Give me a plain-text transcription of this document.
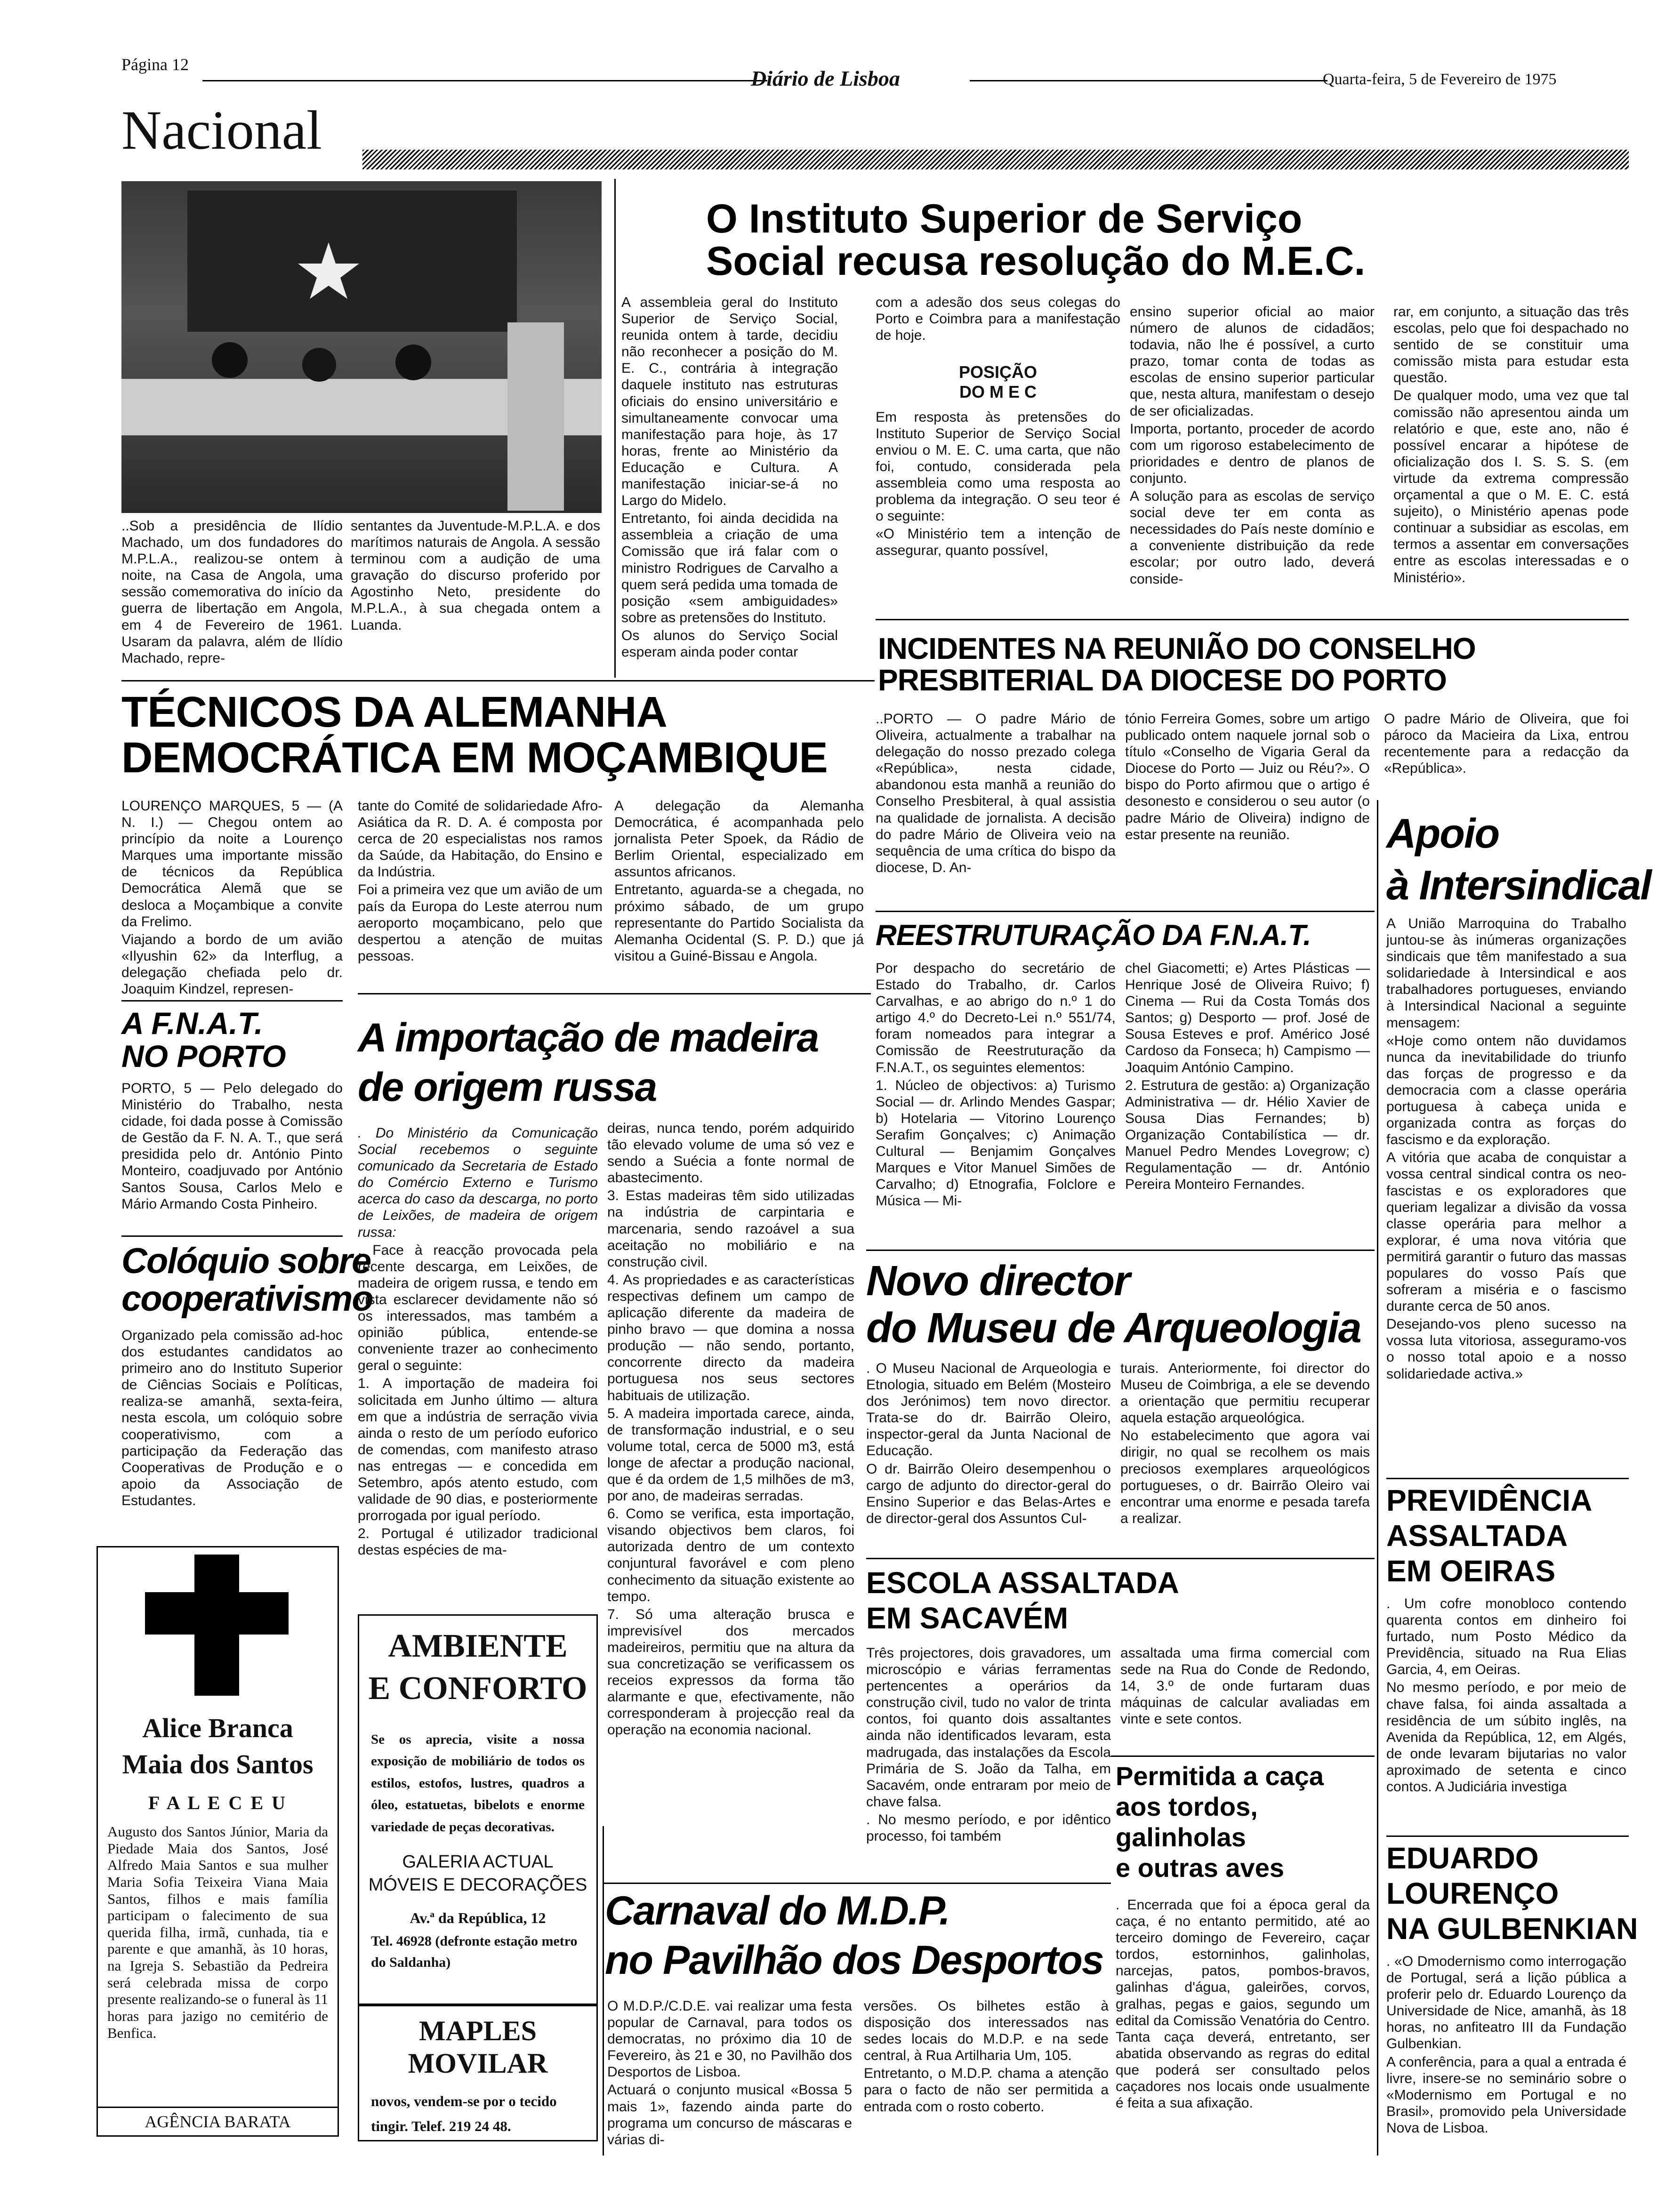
Página 12
Diário de Lisboa	Quarta-feira, 5 de Fevereiro de 1975
Nacional
..Sob a presidência de Ilídio Machado, um dos fundadores do M.P.L.A., realizou-se ontem à noite, na Casa de Angola, uma sessão comemorativa do início da guerra de libertação em Angola, em 4 de Fevereiro de 1961. Usaram da palavra, além de Ilídio Machado, repre-
sentantes da Juventude-M.P.L.A. e dos marítimos naturais de Angola. A sessão terminou com a audição de uma gravação do discurso proferido por Agostinho Neto, presidente do M.P.L.A., à sua chegada ontem a Luanda.
O Instituto Superior de Serviço Social recusa resolução do M.E.C.

A assembleia geral do Instituto Superior de Serviço Social, reunida ontem à tarde, decidiu não reconhecer a posição do M. E. C., contrária à integração daquele instituto nas estruturas oficiais do ensino universitário e simultaneamente convocar uma manifestação para hoje, às 17 horas, frente ao Ministério da Educação e Cultura. A manifestação iniciar-se-á no Largo do Midelo.

Entretanto, foi ainda decidida na assembleia a criação de uma Comissão que irá falar com o ministro Rodrigues de Carvalho a quem será pedida uma tomada de posição «sem ambiguidades» sobre as pretensões do Instituto.

Os alunos do Serviço Social esperam ainda poder contar

com a adesão dos seus colegas do Porto e Coimbra para a manifestação de hoje.

POSIÇÃO
DO M E C

Em resposta às pretensões do Instituto Superior de Serviço Social enviou o M. E. C. uma carta, que não foi, contudo, considerada pela assembleia como uma resposta ao problema da integração. O seu teor é o seguinte:

«O Ministério tem a intenção de assegurar, quanto possível,

ensino superior oficial ao maior número de alunos de cidadãos; todavia, não lhe é possível, a curto prazo, tomar conta de todas as escolas de ensino superior particular que, nesta altura, manifestam o desejo de ser oficializadas.

Importa, portanto, proceder de acordo com um rigoroso estabelecimento de prioridades e dentro de planos de conjunto.

A solução para as escolas de serviço social deve ter em conta as necessidades do País neste domínio e a conveniente distribuição da rede escolar; por outro lado, deverá conside-

rar, em conjunto, a situação das três escolas, pelo que foi despachado no sentido de se constituir uma comissão mista para estudar esta questão.

De qualquer modo, uma vez que tal comissão não apresentou ainda um relatório e que, este ano, não é possível encarar a hipótese de oficialização dos I. S. S. S. (em virtude da extrema compressão orçamental a que o M. E. C. está sujeito), o Ministério apenas pode continuar a subsidiar as escolas, em termos a assentar em conversações entre as escolas interessadas e o Ministério».

INCIDENTES NA REUNIÃO DO CONSELHO PRESBITERIAL DA DIOCESE DO PORTO
..PORTO — O padre Mário de Oliveira, actualmente a trabalhar na delegação do nosso prezado colega «República», nesta cidade, abandonou esta manhã a reunião do Conselho Presbiteral, à qual assistia na qualidade de jornalista. A decisão do padre Mário de Oliveira veio na sequência de uma crítica do bispo da diocese, D. An-
tónio Ferreira Gomes, sobre um artigo publicado ontem naquele jornal sob o título «Conselho de Vigaria Geral da Diocese do Porto — Juiz ou Réu?». O bispo do Porto afirmou que o artigo é desonesto e considerou o seu autor (o padre Mário de Oliveira) indigno de estar presente na reunião.
O padre Mário de Oliveira, que foi pároco da Macieira da Lixa, entrou recentemente para a redacção da «República».
TÉCNICOS DA ALEMANHA DEMOCRÁTICA EM MOÇAMBIQUE

LOURENÇO MARQUES, 5 — (A N. I.) — Chegou ontem ao princípio da noite a Lourenço Marques uma importante missão de técnicos da República Democrática Alemã que se desloca a Moçambique a convite da Frelimo.

Viajando a bordo de um avião «Ilyushin 62» da Interflug, a delegação chefiada pelo dr. Joaquim Kindzel, represen-

tante do Comité de solidariedade Afro-Asiática da R. D. A. é composta por cerca de 20 especialistas nos ramos da Saúde, da Habitação, do Ensino e da Indústria.

Foi a primeira vez que um avião de um país da Europa do Leste aterrou num aeroporto moçambicano, pelo que despertou a atenção de muitas pessoas.

A delegação da Alemanha Democrática, é acompanhada pelo jornalista Peter Spoek, da Rádio de Berlim Oriental, especializado em assuntos africanos.

Entretanto, aguarda-se a chegada, no próximo sábado, de um grupo representante do Partido Socialista da Alemanha Ocidental (S. P. D.) que já visitou a Guiné-Bissau e Angola.

A F.N.A.T.
NO PORTO
PORTO, 5 — Pelo delegado do Ministério do Trabalho, nesta cidade, foi dada posse à Comissão de Gestão da F. N. A. T., que será presidida pelo dr. António Pinto Monteiro, coadjuvado por António Santos Sousa, Carlos Melo e Mário Armando Costa Pinheiro.
Colóquio sobre
cooperativismo
Organizado pela comissão ad-hoc dos estudantes candidatos ao primeiro ano do Instituto Superior de Ciências Sociais e Políticas, realiza-se amanhã, sexta-feira, nesta escola, um colóquio sobre cooperativismo, com a participação da Federação das Cooperativas de Produção e o apoio da Associação de Estudantes.
Alice Branca
Maia dos Santos
F A L E C E U
Augusto dos Santos Júnior, Maria da Piedade Maia dos Santos, José Alfredo Maia Santos e sua mulher Maria Sofia Teixeira Viana Maia Santos, filhos e mais família participam o falecimento de sua querida filha, irmã, cunhada, tia e parente e que amanhã, às 10 horas, na Igreja S. Sebastião da Pedreira será celebrada missa de corpo presente realizando-se o funeral às 11 horas para jazigo no cemitério de Benfica.
AGÊNCIA BARATA
A importação de madeira
de origem russa

. Do Ministério da Comunicação Social recebemos o seguinte comunicado da Secretaria de Estado do Comércio Externo e Turismo acerca do caso da descarga, no porto de Leixões, de madeira de origem russa:

. Face à reacção provocada pela recente descarga, em Leixões, de madeira de origem russa, e tendo em vista esclarecer devidamente não só os interessados, mas também a opinião pública, entende-se conveniente trazer ao conhecimento geral o seguinte:

1. A importação de madeira foi solicitada em Junho último — altura em que a indústria de serração vivia ainda o resto de um período euforico de comendas, com manifesto atraso nas entregas — e concedida em Setembro, após atento estudo, com validade de 90 dias, e posteriormente prorrogada por igual período.

2. Portugal é utilizador tradicional destas espécies de ma-

deiras, nunca tendo, porém adquirido tão elevado volume de uma só vez e sendo a Suécia a fonte normal de abastecimento.

3. Estas madeiras têm sido utilizadas na indústria de carpintaria e marcenaria, sendo razoável a sua aceitação no mobiliário e na construção civil.

4. As propriedades e as características respectivas definem um campo de aplicação diferente da madeira de pinho bravo — que domina a nossa produção — não sendo, portanto, concorrente directo da madeira portuguesa nos seus sectores habituais de utilização.

5. A madeira importada carece, ainda, de transformação industrial, e o seu volume total, cerca de 5000 m3, está longe de afectar a produção nacional, que é da ordem de 1,5 milhões de m3, por ano, de madeiras serradas.

6. Como se verifica, esta importação, visando objectivos bem claros, foi autorizada dentro de um contexto conjuntural favorável e com pleno conhecimento da situação existente ao tempo.

7. Só uma alteração brusca e imprevisível dos mercados madeireiros, permitiu que na altura da sua concretização se verificassem os receios expressos da forma tão alarmante e que, efectivamente, não corresponderam à projecção real da operação na economia nacional.

AMBIENTE
E CONFORTO
Se os aprecia, visite a nossa exposição de mobiliário de todos os estilos, estofos, lustres, quadros a óleo, estatuetas, bibelots e enorme variedade de peças decorativas.
GALERIA ACTUAL
MÓVEIS E DECORAÇÕES
Av.ª da República, 12
Tel. 46928 (defronte estação metro do Saldanha)
MAPLES MOVILAR
novos, vendem-se por o tecido tingir. Telef. 219 24 48.
REESTRUTURAÇÃO DA F.N.A.T.

Por despacho do secretário de Estado do Trabalho, dr. Carlos Carvalhas, e ao abrigo do n.º 1 do artigo 4.º do Decreto-Lei n.º 551/74, foram nomeados para integrar a Comissão de Reestruturação da F.N.A.T., os seguintes elementos:

1. Núcleo de objectivos: a) Turismo Social — dr. Arlindo Mendes Gaspar; b) Hotelaria — Vitorino Lourenço Serafim Gonçalves; c) Animação Cultural — Benjamim Gonçalves Marques e Vitor Manuel Simões de Carvalho; d) Etnografia, Folclore e Música — Mi-

chel Giacometti; e) Artes Plásticas — Henrique José de Oliveira Ruivo; f) Cinema — Rui da Costa Tomás dos Santos; g) Desporto — prof. José de Sousa Esteves e prof. Américo José Cardoso da Fonseca; h) Campismo — Joaquim António Campino.

2. Estrutura de gestão: a) Organização Administrativa — dr. Hélio Xavier de Sousa Dias Fernandes; b) Organização Contabilística — dr. Manuel Pedro Mendes Lovegrow; c) Regulamentação — dr. António Pereira Monteiro Fernandes.

Novo director
do Museu de Arqueologia

. O Museu Nacional de Arqueologia e Etnologia, situado em Belém (Mosteiro dos Jerónimos) tem novo director. Trata-se do dr. Bairrão Oleiro, inspector-geral da Junta Nacional de Educação.

O dr. Bairrão Oleiro desempenhou o cargo de adjunto do director-geral do Ensino Superior e das Belas-Artes e de director-geral dos Assuntos Cul-

turais. Anteriormente, foi director do Museu de Coimbriga, a ele se devendo a orientação que permitiu recuperar aquela estação arqueológica.

No estabelecimento que agora vai dirigir, no qual se recolhem os mais preciosos exemplares arqueológicos portugueses, o dr. Bairrão Oleiro vai encontrar uma enorme e pesada tarefa a realizar.

ESCOLA ASSALTADA
EM SACAVÉM

Três projectores, dois gravadores, um microscópio e várias ferramentas pertencentes a operários da construção civil, tudo no valor de trinta contos, foi quanto dois assaltantes ainda não identificados levaram, esta madrugada, das instalações da Escola Primária de S. João da Talha, em Sacavém, onde entraram por meio de chave falsa.

. No mesmo período, e por idêntico processo, foi também

assaltada uma firma comercial com sede na Rua do Conde de Redondo, 14, 3.º de onde furtaram duas máquinas de calcular avaliadas em vinte e sete contos.
Permitida a caça
aos tordos,
galinholas
e outras aves
. Encerrada que foi a época geral da caça, é no entanto permitido, até ao terceiro domingo de Fevereiro, caçar tordos, estorninhos, galinholas, narcejas, patos, pombos-bravos, galinhas d'água, galeirões, corvos, gralhas, pegas e gaios, segundo um edital da Comissão Venatória do Centro. Tanta caça deverá, entretanto, ser abatida observando as regras do edital que poderá ser consultado pelos caçadores nos locais onde usualmente é feita a sua afixação.
Carnaval do M.D.P.
no Pavilhão dos Desportos

O M.D.P./C.D.E. vai realizar uma festa popular de Carnaval, para todos os democratas, no próximo dia 10 de Fevereiro, às 21 e 30, no Pavilhão dos Desportos de Lisboa.

Actuará o conjunto musical «Bossa 5 mais 1», fazendo ainda parte do programa um concurso de máscaras e várias di-

versões. Os bilhetes estão à disposição dos interessados nas sedes locais do M.D.P. e na sede central, à Rua Artilharia Um, 105.

Entretanto, o M.D.P. chama a atenção para o facto de não ser permitida a entrada com o rosto coberto.

Apoio
à Intersindical

A União Marroquina do Trabalho juntou-se às inúmeras organizações sindicais que têm manifestado a sua solidariedade à Intersindical e aos trabalhadores portugueses, enviando à Intersindical Nacional a seguinte mensagem:

«Hoje como ontem não duvidamos nunca da inevitabilidade do triunfo das forças de progresso e da democracia com a classe operária portuguesa à cabeça unida e organizada contra as forças do fascismo e da exploração.

A vitória que acaba de conquistar a vossa central sindical contra os neo-fascistas e os exploradores que queriam legalizar a divisão da vossa classe operária para melhor a explorar, é uma nova vitória que permitirá garantir o futuro das massas populares do vosso País que sofreram a miséria e o fascismo durante cerca de 50 anos.

Desejando-vos pleno sucesso na vossa luta vitoriosa, asseguramo-vos o nosso total apoio e a nosso solidariedade activa.»

PREVIDÊNCIA
ASSALTADA
EM OEIRAS

. Um cofre monobloco contendo quarenta contos em dinheiro foi furtado, num Posto Médico da Previdência, situado na Rua Elias Garcia, 4, em Oeiras.

No mesmo período, e por meio de chave falsa, foi ainda assaltada a residência de um súbito inglês, na Avenida da República, 12, em Algés, de onde levaram bijutarias no valor aproximado de setenta e cinco contos. A Judiciária investiga

EDUARDO
LOURENÇO
NA GULBENKIAN

. «O Dmodernismo como interrogação de Portugal, será a lição pública a proferir pelo dr. Eduardo Lourenço da Universidade de Nice, amanhã, às 18 horas, no anfiteatro III da Fundação Gulbenkian.

A conferência, para a qual a entrada é livre, insere-se no seminário sobre o «Modernismo em Portugal e no Brasil», promovido pela Universidade Nova de Lisboa.
